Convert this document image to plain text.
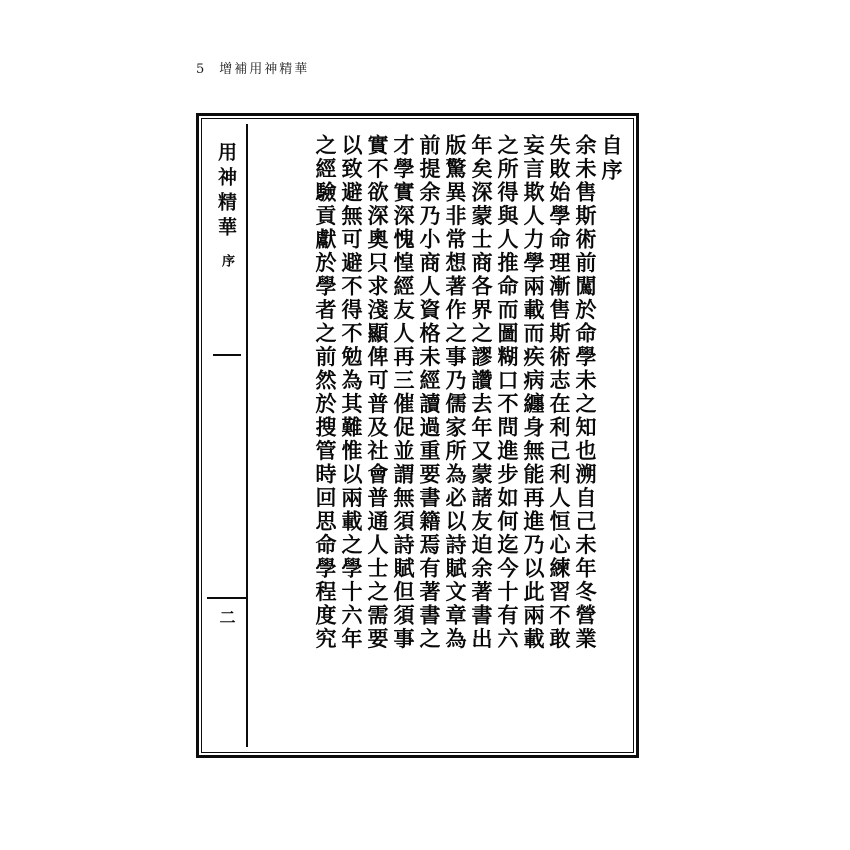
5 增補用神精華
用神精華
序
二
自序
余未售斯術前闖於命學未之知也溯自己未年冬營業
失敗始學命理漸售斯術志在利己利人恒心練習不敢
妄言欺人力學兩載而疾病纏身無能再進乃以此兩載
之所得與人推命而圖糊口不問進步如何迄今十有六
年矣深蒙士商各界之謬讚去年又蒙諸友迫余著書出
版驚異非常想著作之事乃儒家所為必以詩賦文章為
前提余乃小商人資格未經讀過重要書籍焉有著書之
才學實深愧惶經友人再三催促並謂無須詩賦但須事
實不欲深奧只求淺顯俾可普及社會普通人士之需要
以致避無可避不得不勉為其難惟以兩載之學十六年
之經驗貢獻於學者之前然於搜管時回思命學程度究
